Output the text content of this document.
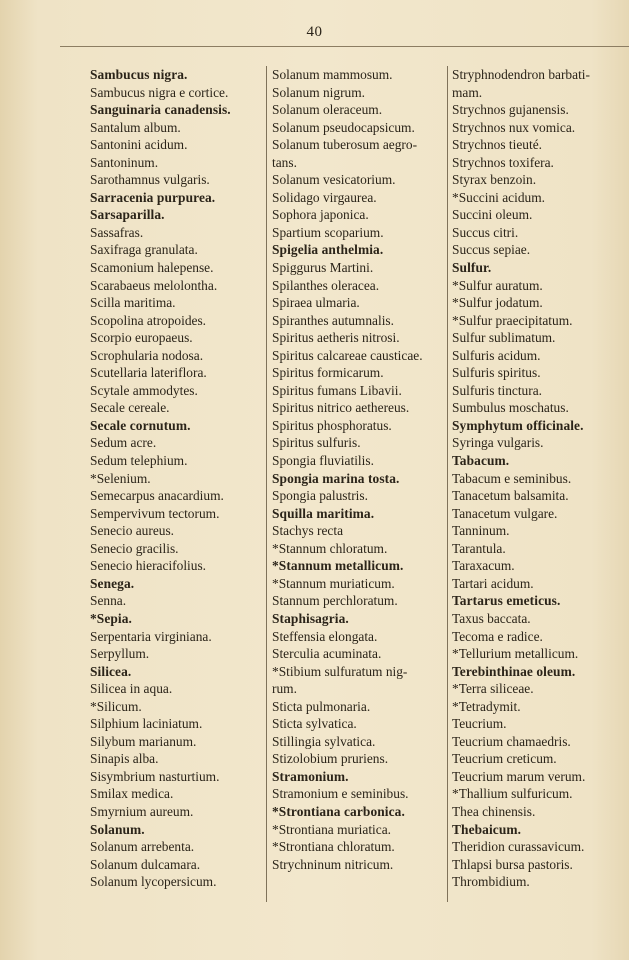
40
Sambucus nigra.
Sambucus nigra e cortice.
Sanguinaria canadensis.
Santalum album.
Santonini acidum.
Santoninum.
Sarothamnus vulgaris.
Sarracenia purpurea.
Sarsaparilla.
Sassafras.
Saxifraga granulata.
Scamonium halepense.
Scarabaeus melolontha.
Scilla maritima.
Scopolina atropoides.
Scorpio europaeus.
Scrophularia nodosa.
Scutellaria lateriflora.
Scytale ammodytes.
Secale cereale.
Secale cornutum.
Sedum acre.
Sedum telephium.
*Selenium.
Semecarpus anacardium.
Sempervivum tectorum.
Senecio aureus.
Senecio gracilis.
Senecio hieracifolius.
Senega.
Senna.
*Sepia.
Serpentaria virginiana.
Serpyllum.
Silicea.
Silicea in aqua.
*Silicum.
Silphium laciniatum.
Silybum marianum.
Sinapis alba.
Sisymbrium nasturtium.
Smilax medica.
Smyrnium aureum.
Solanum.
Solanum arrebenta.
Solanum dulcamara.
Solanum lycopersicum.
Solanum mammosum.
Solanum nigrum.
Solanum oleraceum.
Solanum pseudocapsicum.
Solanum tuberosum aegro-
tans.
Solanum vesicatorium.
Solidago virgaurea.
Sophora japonica.
Spartium scoparium.
Spigelia anthelmia.
Spiggurus Martini.
Spilanthes oleracea.
Spiraea ulmaria.
Spiranthes autumnalis.
Spiritus aetheris nitrosi.
Spiritus calcareae causticae.
Spiritus formicarum.
Spiritus fumans Libavii.
Spiritus nitrico aethereus.
Spiritus phosphoratus.
Spiritus sulfuris.
Spongia fluviatilis.
Spongia marina tosta.
Spongia palustris.
Squilla maritima.
Stachys recta
*Stannum chloratum.
*Stannum metallicum.
*Stannum muriaticum.
Stannum perchloratum.
Staphisagria.
Steffensia elongata.
Sterculia acuminata.
*Stibium sulfuratum nig-
rum.
Sticta pulmonaria.
Sticta sylvatica.
Stillingia sylvatica.
Stizolobium pruriens.
Stramonium.
Stramonium e seminibus.
*Strontiana carbonica.
*Strontiana muriatica.
*Strontiana chloratum.
Strychninum nitricum.
Stryphnodendron barbati-
mam.
Strychnos gujanensis.
Strychnos nux vomica.
Strychnos tieuté.
Strychnos toxifera.
Styrax benzoin.
*Succini acidum.
Succini oleum.
Succus citri.
Succus sepiae.
Sulfur.
*Sulfur auratum.
*Sulfur jodatum.
*Sulfur praecipitatum.
Sulfur sublimatum.
Sulfuris acidum.
Sulfuris spiritus.
Sulfuris tinctura.
Sumbulus moschatus.
Symphytum officinale.
Syringa vulgaris.
Tabacum.
Tabacum e seminibus.
Tanacetum balsamita.
Tanacetum vulgare.
Tanninum.
Tarantula.
Taraxacum.
Tartari acidum.
Tartarus emeticus.
Taxus baccata.
Tecoma e radice.
*Tellurium metallicum.
Terebinthinae oleum.
*Terra siliceae.
*Tetradymit.
Teucrium.
Teucrium chamaedris.
Teucrium creticum.
Teucrium marum verum.
*Thallium sulfuricum.
Thea chinensis.
Thebaicum.
Theridion curassavicum.
Thlapsi bursa pastoris.
Thrombidium.
